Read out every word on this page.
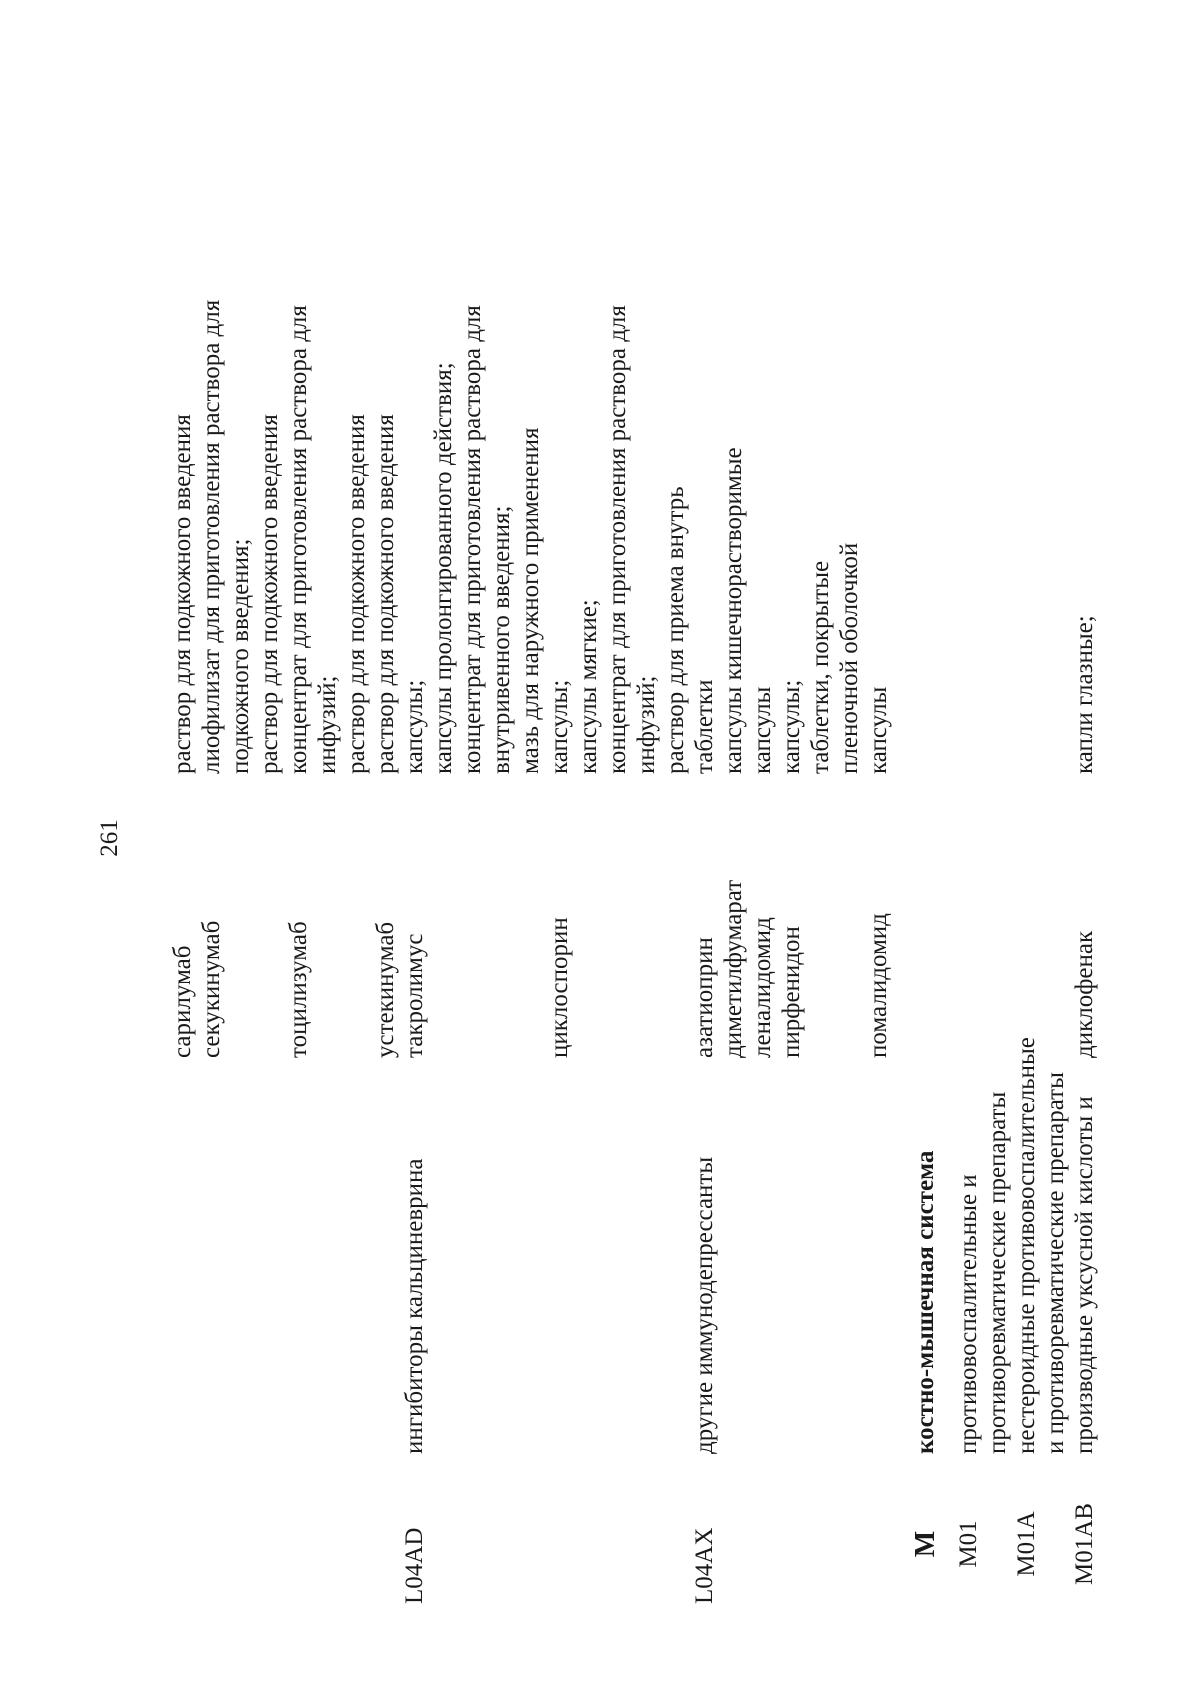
261
сарилумаб
раствор для подкожного введения
секукинумаб
лиофилизат для приготовления раствора для подкожного введения; раствор для подкожного введения
тоцилизумаб
концентрат для приготовления раствора для инфузий; раствор для подкожного введения
устекинумаб
раствор для подкожного введения
L04AD
ингибиторы кальциневрина
такролимус
капсулы; капсулы пролонгированного действия; концентрат для приготовления раствора для внутривенного введения; мазь для наружного применения
циклоспорин
капсулы; капсулы мягкие; концентрат для приготовления раствора для инфузий; раствор для приема внутрь
L04AX
другие иммунодепрессанты
азатиоприн
таблетки
диметилфумарат
капсулы кишечнорастворимые
леналидомид
капсулы
пирфенидон
капсулы; таблетки, покрытые пленочной оболочкой
помалидомид
капсулы
M
костно-мышечная система
M01
противовоспалительные и противоревматические препараты
M01A
нестероидные противовоспалительные и противоревматические препараты
M01AB
производные уксусной кислоты и
диклофенак
капли глазные;
